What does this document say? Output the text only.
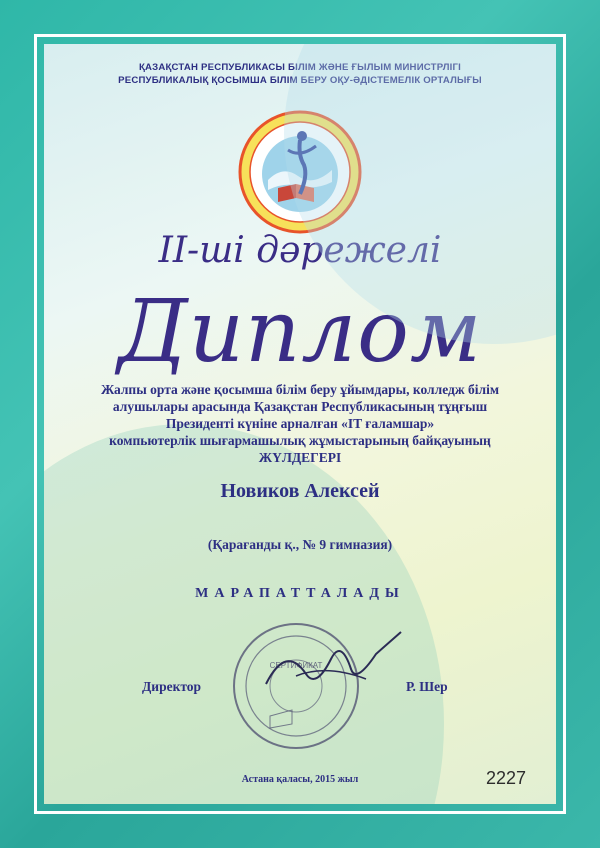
ҚАЗАҚСТАН РЕСПУБЛИКАСЫ БІЛІМ ЖӘНЕ ҒЫЛЫМ МИНИСТРЛІГІ
РЕСПУБЛИКАЛЫҚ ҚОСЫМША БІЛІМ БЕРУ ОҚУ-ӘДІСТЕМЕЛІК ОРТАЛЫҒЫ
II-ші дәрежелі
Диплом
Жалпы орта және қосымша білім беру ұйымдары, колледж білім
алушылары арасында Қазақстан Республикасының тұңғыш
Президенті күніне арналған «IT ғаламшар»
компьютерлік шығармашылық жұмыстарының байқауының
ЖҮЛДЕГЕРІ
Новиков Алексей
(Қарағанды қ., № 9 гимназия)
МАРАПАТТАЛАДЫ
СЕРТИФИКАТ
Директор	Р. Шер
Астана қаласы, 2015 жыл	2227
